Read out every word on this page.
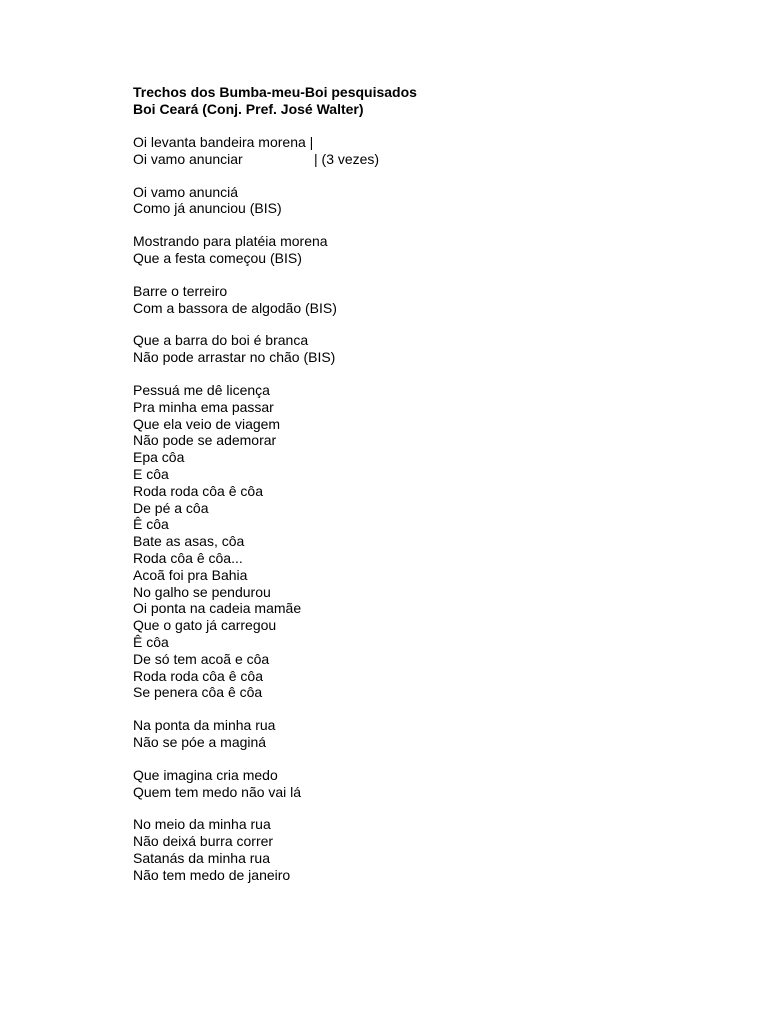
Trechos dos Bumba-meu-Boi pesquisados
Boi Ceará (Conj. Pref. José Walter)
Oi levanta bandeira morena |
Oi vamo anunciar	| (3 vezes)
Oi vamo anunciá
Como já anunciou (BIS)
Mostrando para platéia morena
Que a festa começou (BIS)
Barre o terreiro
Com a bassora de algodão (BIS)
Que a barra do boi é branca
Não pode arrastar no chão (BIS)
Pessuá me dê licença
Pra minha ema passar
Que ela veio de viagem
Não pode se ademorar
Epa côa
E côa
Roda roda côa ê côa
De pé a côa
Ê côa
Bate as asas, côa
Roda côa ê côa...
Acoã foi pra Bahia
No galho se pendurou
Oi ponta na cadeia mamãe
Que o gato já carregou
Ê côa
De só tem acoã e côa
Roda roda côa ê côa
Se penera côa ê côa
Na ponta da minha rua
Não se póe a maginá
Que imagina cria medo
Quem tem medo não vai lá
No meio da minha rua
Não deixá burra correr
Satanás da minha rua
Não tem medo de janeiro
